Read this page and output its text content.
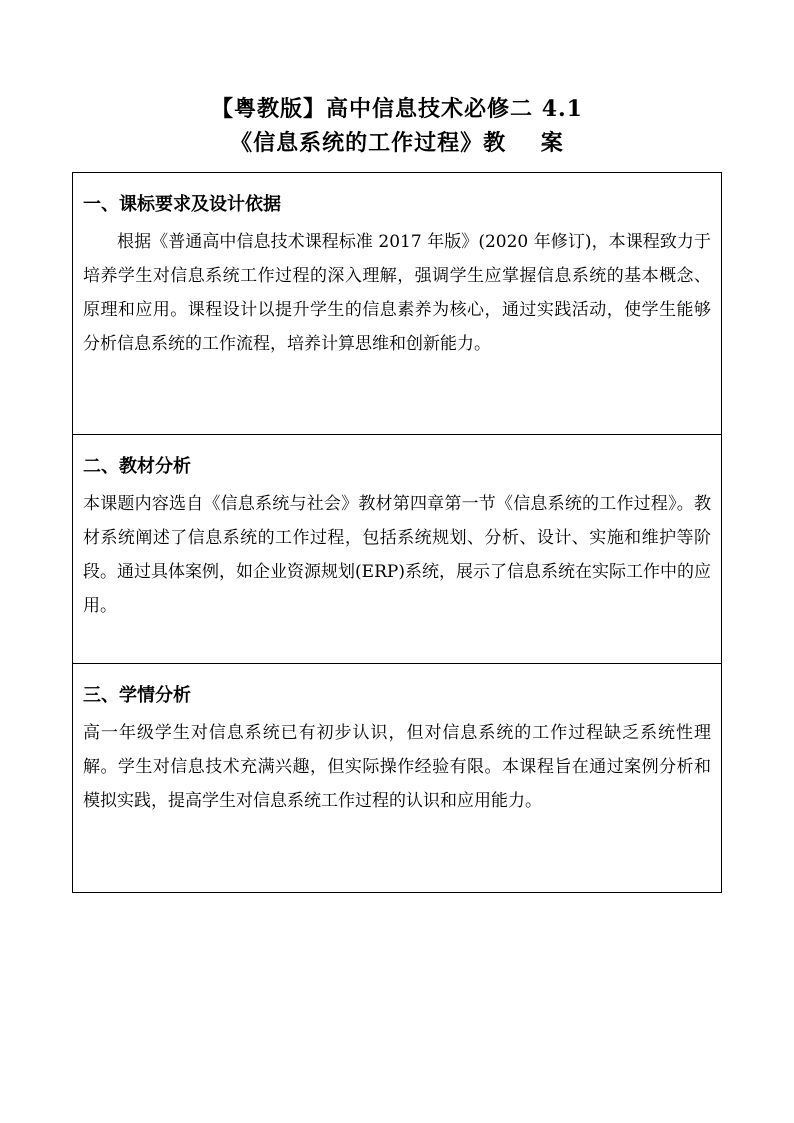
【粤教版】高中信息技术必修二 4.1
《信息系统的工作过程》教    案
一、课标要求及设计依据

根据《普通高中信息技术课程标准 2017 年版》(2020 年修订)，本课程致力于培养学生对信息系统工作过程的深入理解，强调学生应掌握信息系统的基本概念、原理和应用。课程设计以提升学生的信息素养为核心，通过实践活动，使学生能够分析信息系统的工作流程，培养计算思维和创新能力。

二、教材分析

本课题内容选自《信息系统与社会》教材第四章第一节《信息系统的工作过程》。教材系统阐述了信息系统的工作过程，包括系统规划、分析、设计、实施和维护等阶段。通过具体案例，如企业资源规划(ERP)系统，展示了信息系统在实际工作中的应用。

三、学情分析

高一年级学生对信息系统已有初步认识，但对信息系统的工作过程缺乏系统性理解。学生对信息技术充满兴趣，但实际操作经验有限。本课程旨在通过案例分析和模拟实践，提高学生对信息系统工作过程的认识和应用能力。
